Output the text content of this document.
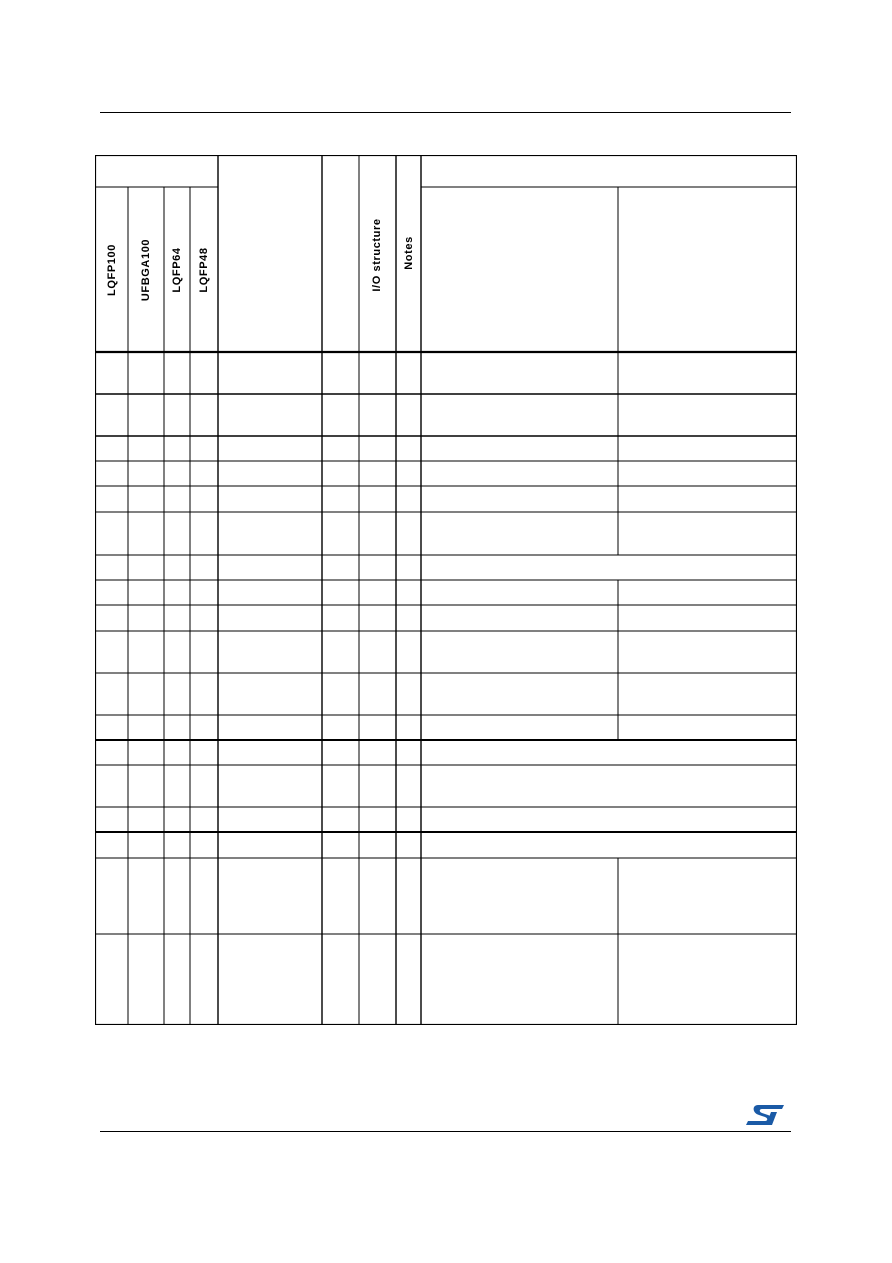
LQFP100 UFBGA100 LQFP64 LQFP48	I/O structure Notes
